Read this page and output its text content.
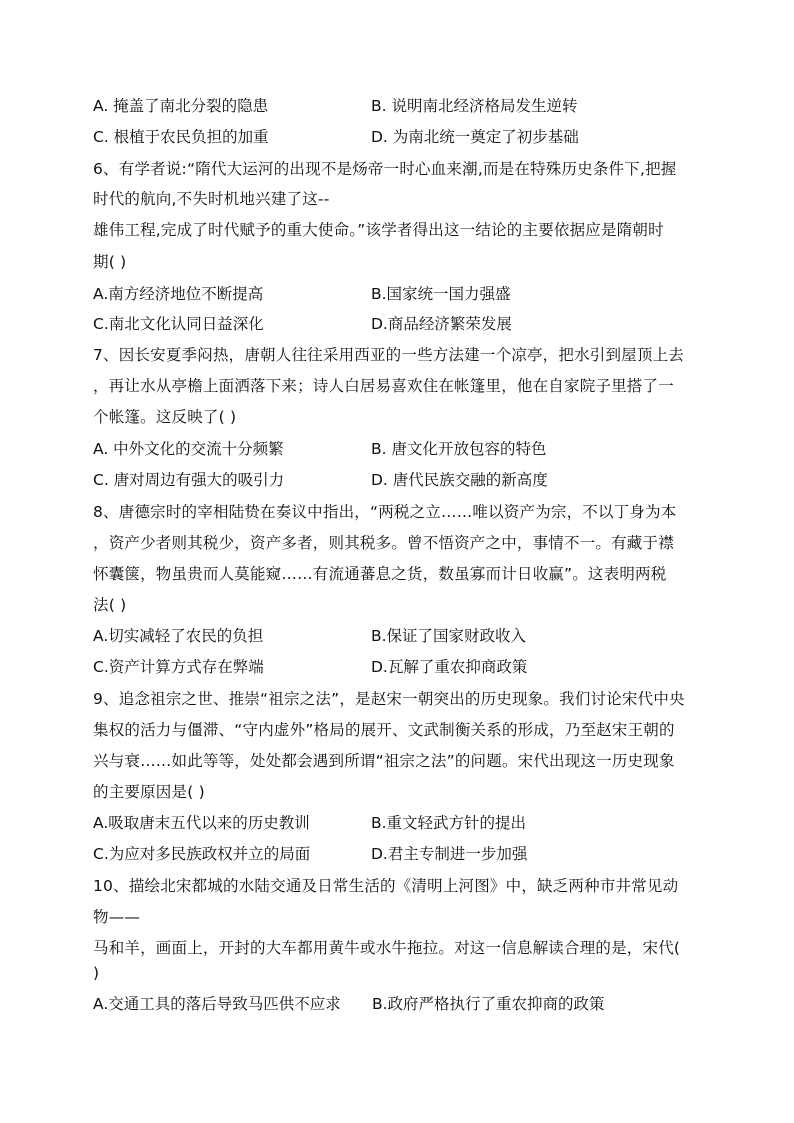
A. 掩盖了南北分裂的隐患	B. 说明南北经济格局发生逆转
C. 根植于农民负担的加重	D. 为南北统一奠定了初步基础
6、有学者说:“隋代大运河的出现不是炀帝一时心血来潮,而是在特殊历史条件下,把握
时代的航向,不失时机地兴建了这--
雄伟工程,完成了时代赋予的重大使命。”该学者得出这一结论的主要依据应是隋朝时
期( )
A.南方经济地位不断提高	B.国家统一国力强盛
C.南北文化认同日益深化	D.商品经济繁荣发展
7、因长安夏季闷热，唐朝人往往采用西亚的一些方法建一个凉亭，把水引到屋顶上去
，再让水从亭檐上面洒落下来；诗人白居易喜欢住在帐篷里，他在自家院子里搭了一
个帐篷。这反映了( )
A. 中外文化的交流十分频繁	B. 唐文化开放包容的特色
C. 唐对周边有强大的吸引力	D. 唐代民族交融的新高度
8、唐德宗时的宰相陆贽在奏议中指出，“两税之立……唯以资产为宗，不以丁身为本
，资产少者则其税少，资产多者，则其税多。曾不悟资产之中，事情不一。有藏于襟
怀囊箧，物虽贵而人莫能窥……有流通蕃息之货，数虽寡而计日收赢”。这表明两税
法( )
A.切实减轻了农民的负担	B.保证了国家财政收入
C.资产计算方式存在弊端	D.瓦解了重农抑商政策
9、追念祖宗之世、推崇“祖宗之法”，是赵宋一朝突出的历史现象。我们讨论宋代中央
集权的活力与僵滞、“守内虚外”格局的展开、文武制衡关系的形成，乃至赵宋王朝的
兴与衰……如此等等，处处都会遇到所谓“祖宗之法”的问题。宋代出现这一历史现象
的主要原因是( )
A.吸取唐末五代以来的历史教训	B.重文轻武方针的提出
C.为应对多民族政权并立的局面	D.君主专制进一步加强
10、描绘北宋都城的水陆交通及日常生活的《清明上河图》中，缺乏两种市井常见动
物——
马和羊，画面上，开封的大车都用黄牛或水牛拖拉。对这一信息解读合理的是，宋代(
)
A.交通工具的落后导致马匹供不应求 B.政府严格执行了重农抑商的政策
